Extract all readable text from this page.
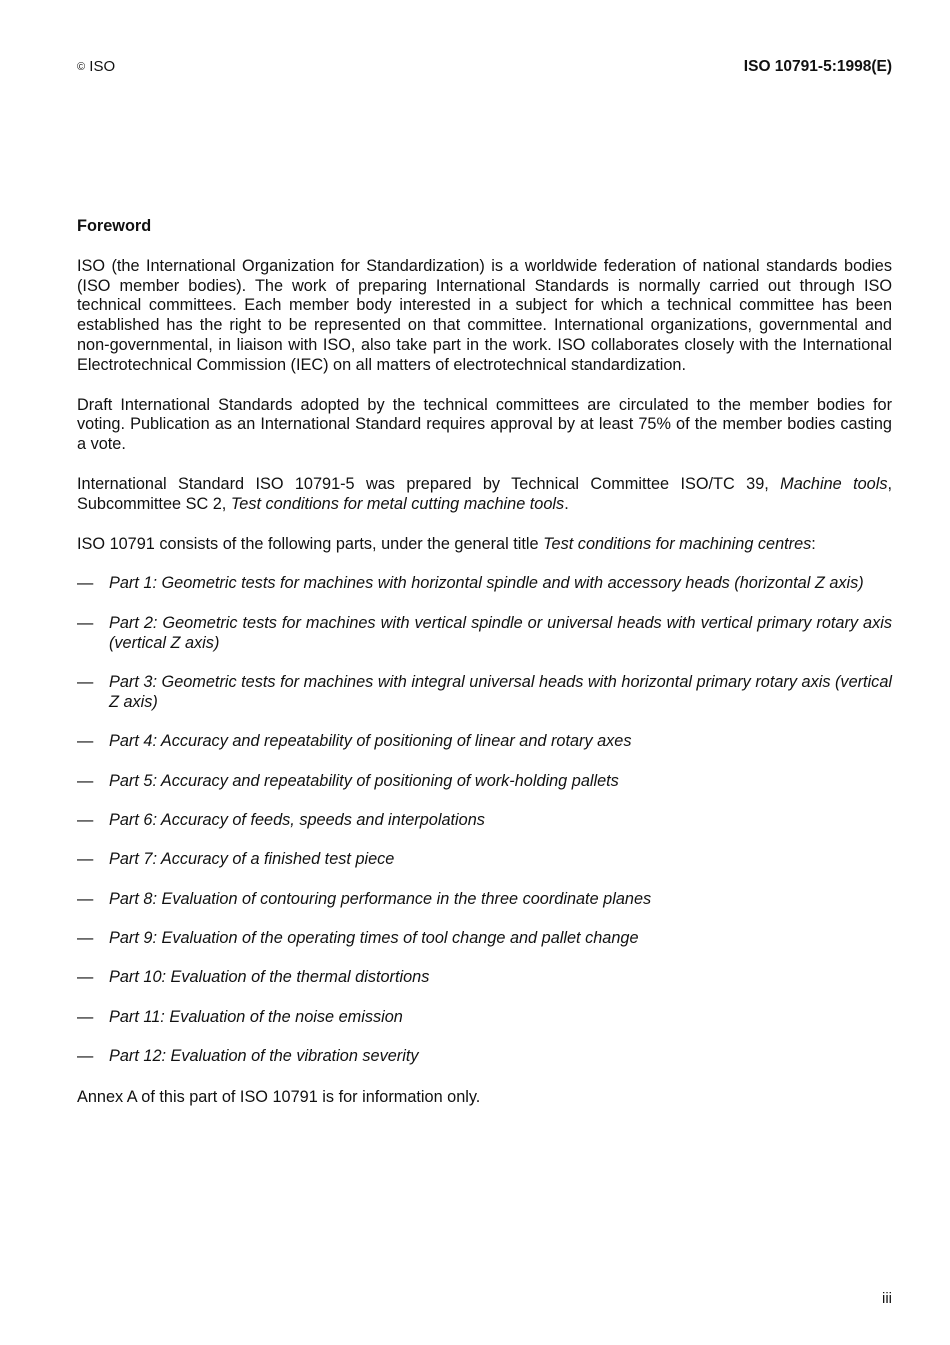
© ISO	ISO 10791-5:1998(E)
Foreword

ISO (the International Organization for Standardization) is a worldwide federation of national standards bodies (ISO member bodies). The work of preparing International Standards is normally carried out through ISO technical committees. Each member body interested in a subject for which a technical committee has been established has the right to be represented on that committee. International organizations, governmental and non-governmental, in liaison with ISO, also take part in the work. ISO collaborates closely with the International Electrotechnical Commission (IEC) on all matters of electrotechnical standardization.

Draft International Standards adopted by the technical committees are circulated to the member bodies for voting. Publication as an International Standard requires approval by at least 75% of the member bodies casting a vote.

International Standard ISO 10791-5 was prepared by Technical Committee ISO/TC 39, Machine tools, Subcommittee SC 2, Test conditions for metal cutting machine tools.

ISO 10791 consists of the following parts, under the general title Test conditions for machining centres:

— Part 1: Geometric tests for machines with horizontal spindle and with accessory heads (horizontal Z axis)
— Part 2: Geometric tests for machines with vertical spindle or universal heads with vertical primary rotary axis (vertical Z axis)
— Part 3: Geometric tests for machines with integral universal heads with horizontal primary rotary axis (vertical Z axis)
— Part 4: Accuracy and repeatability of positioning of linear and rotary axes
— Part 5: Accuracy and repeatability of positioning of work-holding pallets
— Part 6: Accuracy of feeds, speeds and interpolations
— Part 7: Accuracy of a finished test piece
— Part 8: Evaluation of contouring performance in the three coordinate planes
— Part 9: Evaluation of the operating times of tool change and pallet change
— Part 10: Evaluation of the thermal distortions
— Part 11: Evaluation of the noise emission
— Part 12: Evaluation of the vibration severity

Annex A of this part of ISO 10791 is for information only.

iii
